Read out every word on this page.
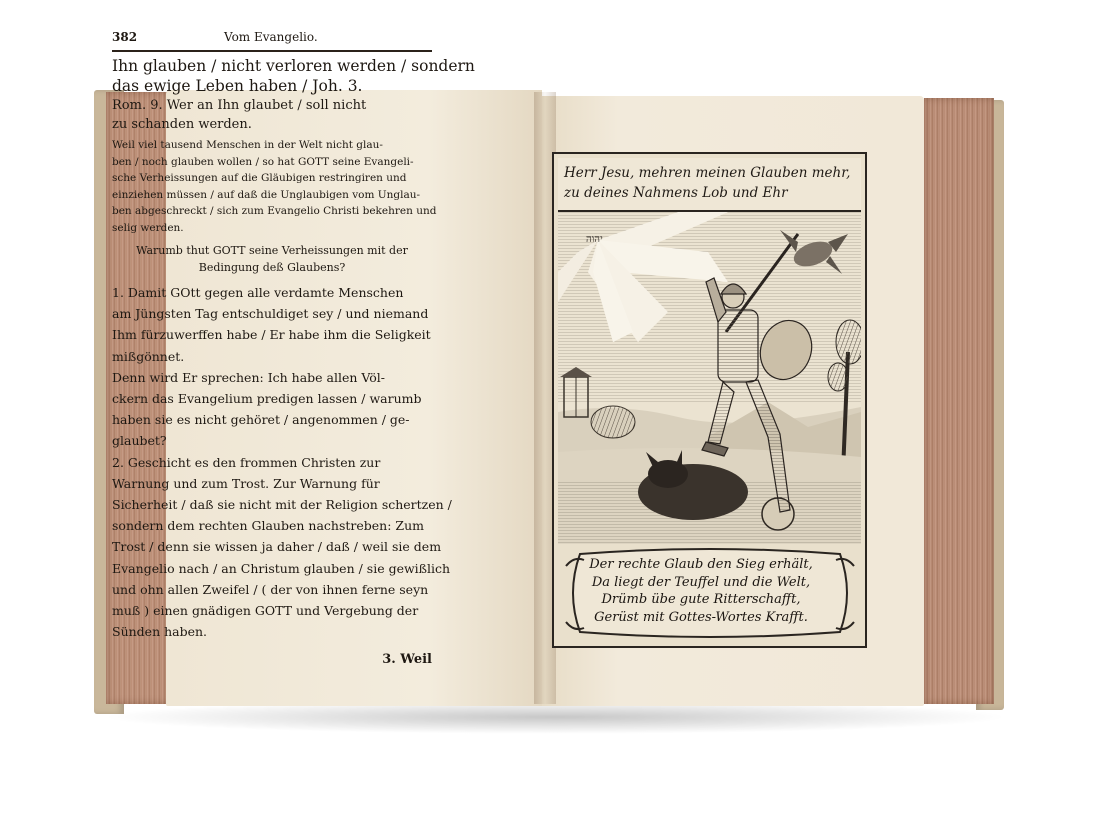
382	Vom Evangelio.

Ihn glauben / nicht verloren werden / sondern

das ewige Leben haben / Joh. 3.

Rom. 9. Wer an Ihn glaubet / soll nicht

zu schanden werden.

Weil viel tausend Menschen in der Welt nicht glau-

ben / noch glauben wollen / so hat GOTT seine Evangeli-

sche Verheissungen auf die Gläubigen restringiren und

einziehen müssen / auf daß die Unglaubigen vom Unglau-

ben abgeschreckt / sich zum Evangelio Christi bekehren und

selig werden.

Warumb thut GOTT seine Verheissungen mit der

Bedingung deß Glaubens?

1. Damit GOtt gegen alle verdamte Menschen

am Jüngsten Tag entschuldiget sey / und niemand

Ihm fürzuwerffen habe / Er habe ihm die Seligkeit

mißgönnet.

Denn wird Er sprechen: Ich habe allen Völ-

ckern das Evangelium predigen lassen / warumb

haben sie es nicht gehöret / angenommen / ge-

glaubet?

2. Geschicht es den frommen Christen zur

Warnung und zum Trost. Zur Warnung für

Sicherheit / daß sie nicht mit der Religion schertzen /

sondern dem rechten Glauben nachstreben: Zum

Trost / denn sie wissen ja daher / daß / weil sie dem

Evangelio nach / an Christum glauben / sie gewißlich

und ohn allen Zweifel / ( der von ihnen ferne seyn

muß ) einen gnädigen GOTT und Vergebung der

Sünden haben.

3. Weil
Herr Jesu, mehren meinen Glauben mehr,
zu deines Nahmens Lob und Ehr
יהוה
Der rechte Glaub den Sieg erhält,
Da liegt der Teuffel und die Welt,
Drümb übe gute Ritterschafft,
Gerüst mit Gottes-Wortes Krafft.
